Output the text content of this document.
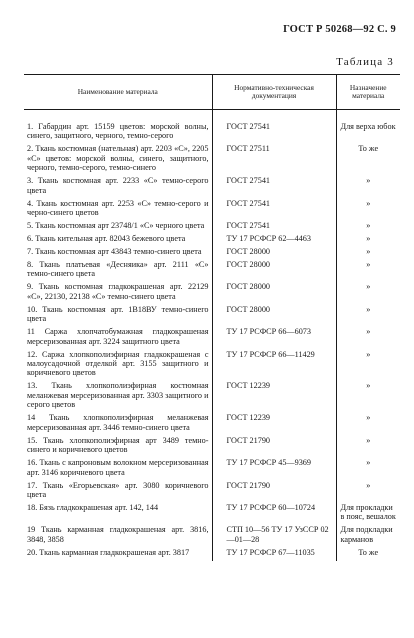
ГОСТ Р 50268—92 С. 9
Таблица 3
Наименование материала	Нормативно-техническая документация	Назначение материала
1. Габардин арт. 15159 цветов: морской волны, синего, защитного, черного, темно-серого	ГОСТ 27541	Для верха юбок
2. Ткань костюмная (нательная) арт. 2203 «С», 2205 «С» цветов: морской волны, синего, защитного, черного, темно-серого, темно-синего	ГОСТ 27511	То же
3. Ткань костюмная арт. 2233 «С» темно-серого цвета	ГОСТ 27541	»
4. Ткань костюмная арт. 2253 «С» темно-серого и черно-синего цветов	ГОСТ 27541	»
5. Ткань костюмная арт 23748/1 «С» черного цвета	ГОСТ 27541	»
6. Ткань кительная арт. 82043 бежевого цвета	ТУ 17 РСФСР 62—4463	»
7. Ткань костюмная арт 43843 темно-синего цвета	ГОСТ 28000	»
8. Ткань платьевая «Десняика» арт. 2111 «С» темно-синего цвета	ГОСТ 28000	»
9. Ткань костюмная гладкокрашеная арт. 22129 «С», 22130, 22138 «С» темно-синего цвета	ГОСТ 28000	»
10. Ткань костюмная арт. 1В18ВУ темно-синего цвета	ГОСТ 28000	»
11 Саржа хлопчатобумажная гладкокрашеная мерсеризованная арт. 3224 защитного цвета	ТУ 17 РСФСР 66—6073	»
12. Саржа хлопкополиэфирная гладкокрашеная с малоусадочной отделкой арт. 3155 защитного и коричневого цветов	ТУ 17 РСФСР 66—11429	»
13. Ткань хлопкополиэфирная костюмная меланжевая мерсеризованная арт. 3303 защитного и серого цветов	ГОСТ 12239	»
14 Ткань хлопкополиэфирная меланжевая мерсеризованная арт. 3446 темно-синего цвета	ГОСТ 12239	»
15. Ткань хлопкополиэфирная арт 3489 темно-синего и коричневого цветов	ГОСТ 21790	»
16. Ткань с капроновым волокном мерсеризованная арт. 3146 коричневого цвета	ТУ 17 РСФСР 45—9369	»
17. Ткань «Егорьевская» арт. 3080 коричневого цвета	ГОСТ 21790	»
18. Бязь гладкокрашеная арт. 142, 144	ТУ 17 РСФСР 60—10724	Для прокладки в пояс, вешалок
19 Ткань карманная гладкокрашеная арт. 3816, 3848, 3858	СТП 10—56 ТУ 17 УзССР 02—01—28	Для подкладки карманов
20. Ткань карманная гладкокрашеная арт. 3817	ТУ 17 РСФСР 67—11035	То же
